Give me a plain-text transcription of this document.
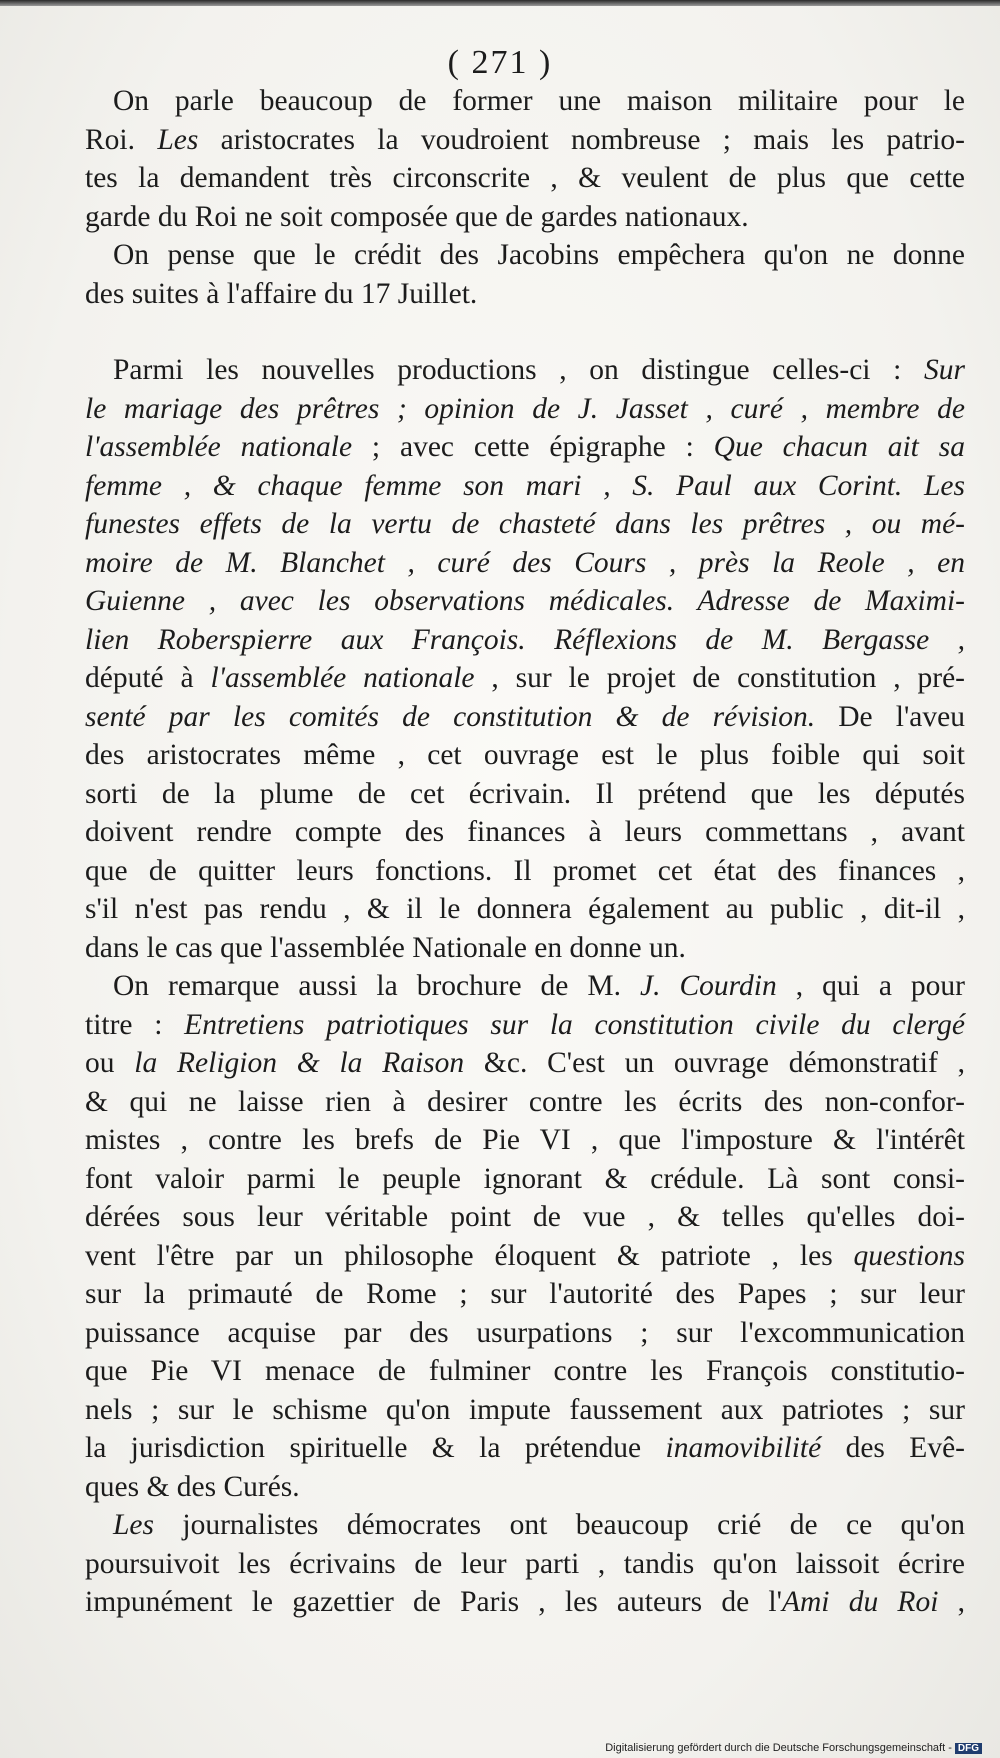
( 271 )
On parle beaucoup de former une maison militaire pour le
Roi. Les aristocrates la voudroient nombreuse ; mais les patrio-
tes la demandent très circonscrite , & veulent de plus que cette
garde du Roi ne soit composée que de gardes nationaux.
On pense que le crédit des Jacobins empêchera qu'on ne donne
des suites à l'affaire du 17 Juillet.
Parmi les nouvelles productions , on distingue celles-ci : Sur
le mariage des prêtres ; opinion de J. Jasset , curé , membre de
l'assemblée nationale ; avec cette épigraphe : Que chacun ait sa
femme , & chaque femme son mari , S. Paul aux Corint. Les
funestes effets de la vertu de chasteté dans les prêtres , ou mé-
moire de M. Blanchet , curé des Cours , près la Reole , en
Guienne , avec les observations médicales. Adresse de Maximi-
lien Roberspierre aux François. Réflexions de M. Bergasse ,
député à l'assemblée nationale , sur le projet de constitution , pré-
senté par les comités de constitution & de révision. De l'aveu
des aristocrates même , cet ouvrage est le plus foible qui soit
sorti de la plume de cet écrivain. Il prétend que les députés
doivent rendre compte des finances à leurs commettans , avant
que de quitter leurs fonctions. Il promet cet état des finances ,
s'il n'est pas rendu , & il le donnera également au public , dit-il ,
dans le cas que l'assemblée Nationale en donne un.
On remarque aussi la brochure de M. J. Courdin , qui a pour
titre : Entretiens patriotiques sur la constitution civile du clergé
ou la Religion & la Raison &c. C'est un ouvrage démonstratif ,
& qui ne laisse rien à desirer contre les écrits des non-confor-
mistes , contre les brefs de Pie VI , que l'imposture & l'intérêt
font valoir parmi le peuple ignorant & crédule. Là sont consi-
dérées sous leur véritable point de vue , & telles qu'elles doi-
vent l'être par un philosophe éloquent & patriote , les questions
sur la primauté de Rome ; sur l'autorité des Papes ; sur leur
puissance acquise par des usurpations ; sur l'excommunication
que Pie VI menace de fulminer contre les François constitutio-
nels ; sur le schisme qu'on impute faussement aux patriotes ; sur
la jurisdiction spirituelle & la prétendue inamovibilité des Evê-
ques & des Curés.
Les journalistes démocrates ont beaucoup crié de ce qu'on
poursuivoit les écrivains de leur parti , tandis qu'on laissoit écrire
impunément le gazettier de Paris , les auteurs de l'Ami du Roi ,
Digitalisierung gefördert durch die Deutsche Forschungsgemeinschaft - DFG
